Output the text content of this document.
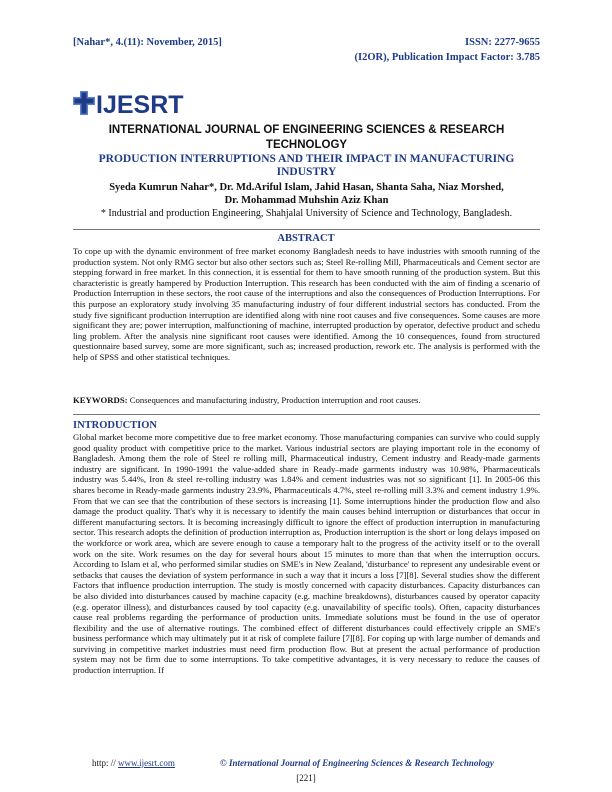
[Nahar*, 4.(11): November, 2015]	ISSN: 2277-9655
(I2OR), Publication Impact Factor: 3.785
IJESRT
INTERNATIONAL JOURNAL OF ENGINEERING SCIENCES & RESEARCH TECHNOLOGY
PRODUCTION INTERRUPTIONS AND THEIR IMPACT IN MANUFACTURING INDUSTRY
Syeda Kumrun Nahar*, Dr. Md.Ariful Islam, Jahid Hasan, Shanta Saha, Niaz Morshed,
Dr. Mohammad Muhshin Aziz Khan
* Industrial and production Engineering, Shahjalal University of Science and Technology, Bangladesh.
ABSTRACT
To cope up with the dynamic environment of free market economy Bangladesh needs to have industries with smooth running of the production system. Not only RMG sector but also other sectors such as; Steel Re-rolling Mill, Pharmaceuticals and Cement sector are stepping forward in free market. In this connection, it is essential for them to have smooth running of the production system. But this characteristic is greatly hampered by Production Interruption. This research has been conducted with the aim of finding a scenario of Production Interruption in these sectors, the root cause of the interruptions and also the consequences of Production Interruptions. For this purpose an exploratory study involving 35 manufacturing industry of four different industrial sectors has conducted. From the study five significant production interruption are identified along with nine root causes and five consequences. Some causes are more significant they are; power interruption, malfunctioning of machine, interrupted production by operator, defective product and schedu ling problem. After the analysis nine significant root causes were identified. Among the 10 consequences, found from structured questionnaire based survey, some are more significant, such as; increased production, rework etc. The analysis is performed with the help of SPSS and other statistical techniques.
KEYWORDS: Consequences and manufacturing industry, Production interruption and root causes.
INTRODUCTION
Global market become more competitive due to free market economy. Those manufacturing companies can survive who could supply good quality product with competitive price to the market. Various industrial sectors are playing important role in the economy of Bangladesh. Among them the role of Steel re rolling mill, Pharmaceutical industry, Cement industry and Ready-made garments industry are significant. In 1990-1991 the value-added share in Ready–made garments industry was 10.98%, Pharmaceuticals industry was 5.44%, Iron & steel re-rolling industry was 1.84% and cement industries was not so significant [1]. In 2005-06 this shares become in Ready-made garments industry 23.9%, Pharmaceuticals 4.7%, steel re-rolling mill 3.3% and cement industry 1.9%. From that we can see that the contribution of these sectors is increasing [1]. Some interruptions hinder the production flow and also damage the product quality. That's why it is necessary to identify the main causes behind interruption or disturbances that occur in different manufacturing sectors. It is becoming increasingly difficult to ignore the effect of production interruption in manufacturing sector. This research adopts the definition of production interruption as, Production interruption is the short or long delays imposed on the workforce or work area, which are severe enough to cause a temporary halt to the progress of the activity itself or to the overall work on the site. Work resumes on the day for several hours about 15 minutes to more than that when the interruption occurs. According to Islam et al, who performed similar studies on SME's in New Zealand, 'disturbance' to represent any undesirable event or setbacks that causes the deviation of system performance in such a way that it incurs a loss [7][8]. Several studies show the different Factors that influence production interruption. The study is mostly concerned with capacity disturbances. Capacity disturbances can be also divided into disturbances caused by machine capacity (e.g. machine breakdowns), disturbances caused by operator capacity (e.g. operator illness), and disturbances caused by tool capacity (e.g. unavailability of specific tools). Often, capacity disturbances cause real problems regarding the performance of production units. Immediate solutions must be found in the use of operator flexibility and the use of alternative routings. The combined effect of different disturbances could effectively cripple an SME's business performance which may ultimately put it at risk of complete failure [7][8]. For coping up with large number of demands and surviving in competitive market industries must need firm production flow. But at present the actual performance of production system may not be firm due to some interruptions. To take competitive advantages, it is very necessary to reduce the causes of production interruption. If
http: // www.ijesrt.com	© International Journal of Engineering Sciences & Research Technology
[221]
